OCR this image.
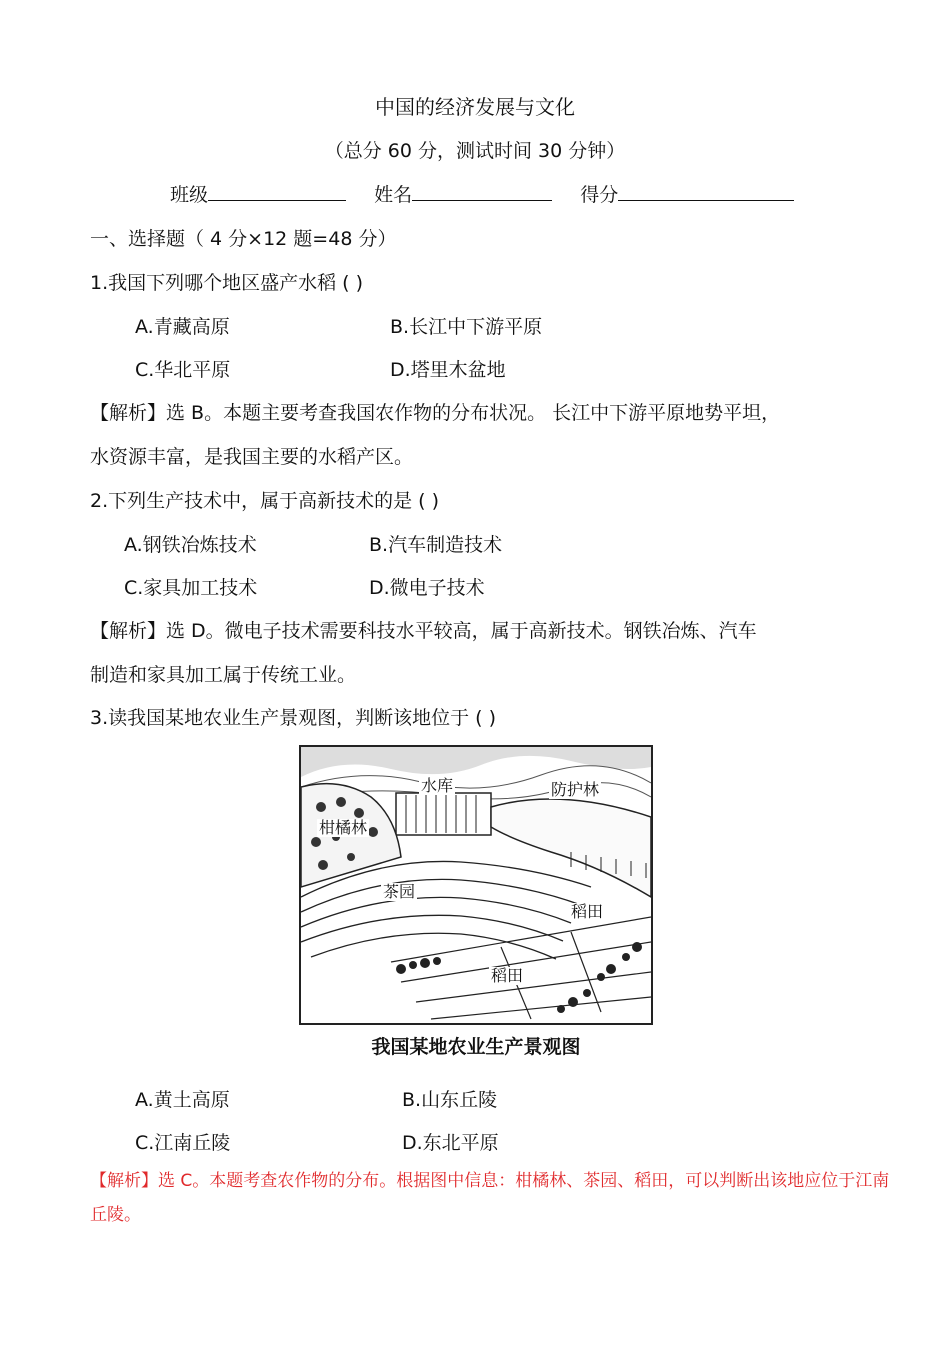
中国的经济发展与文化
（总分 60 分，测试时间 30 分钟）
班级	姓名	得分
一、选择题（ 4 分×12 题=48 分）
1.我国下列哪个地区盛产水稻 ( )
A.青藏高原	B.长江中下游平原
C.华北平原	D.塔里木盆地
【解析】选 B。本题主要考查我国农作物的分布状况。 长江中下游平原地势平坦，
水资源丰富，是我国主要的水稻产区。
2.下列生产技术中，属于高新技术的是 ( )
A.钢铁冶炼技术	B.汽车制造技术
C.家具加工技术	D.微电子技术
【解析】选 D。微电子技术需要科技水平较高，属于高新技术。钢铁冶炼、汽车
制造和家具加工属于传统工业。
3.读我国某地农业生产景观图，判断该地位于 ( )
水库	防护林
柑橘林
茶园
稻田
稻田
我国某地农业生产景观图
A.黄土高原	B.山东丘陵
C.江南丘陵	D.东北平原
【解析】选 C。本题考查农作物的分布。根据图中信息：柑橘林、茶园、稻田，可以判断出该地应位于江南
丘陵。
